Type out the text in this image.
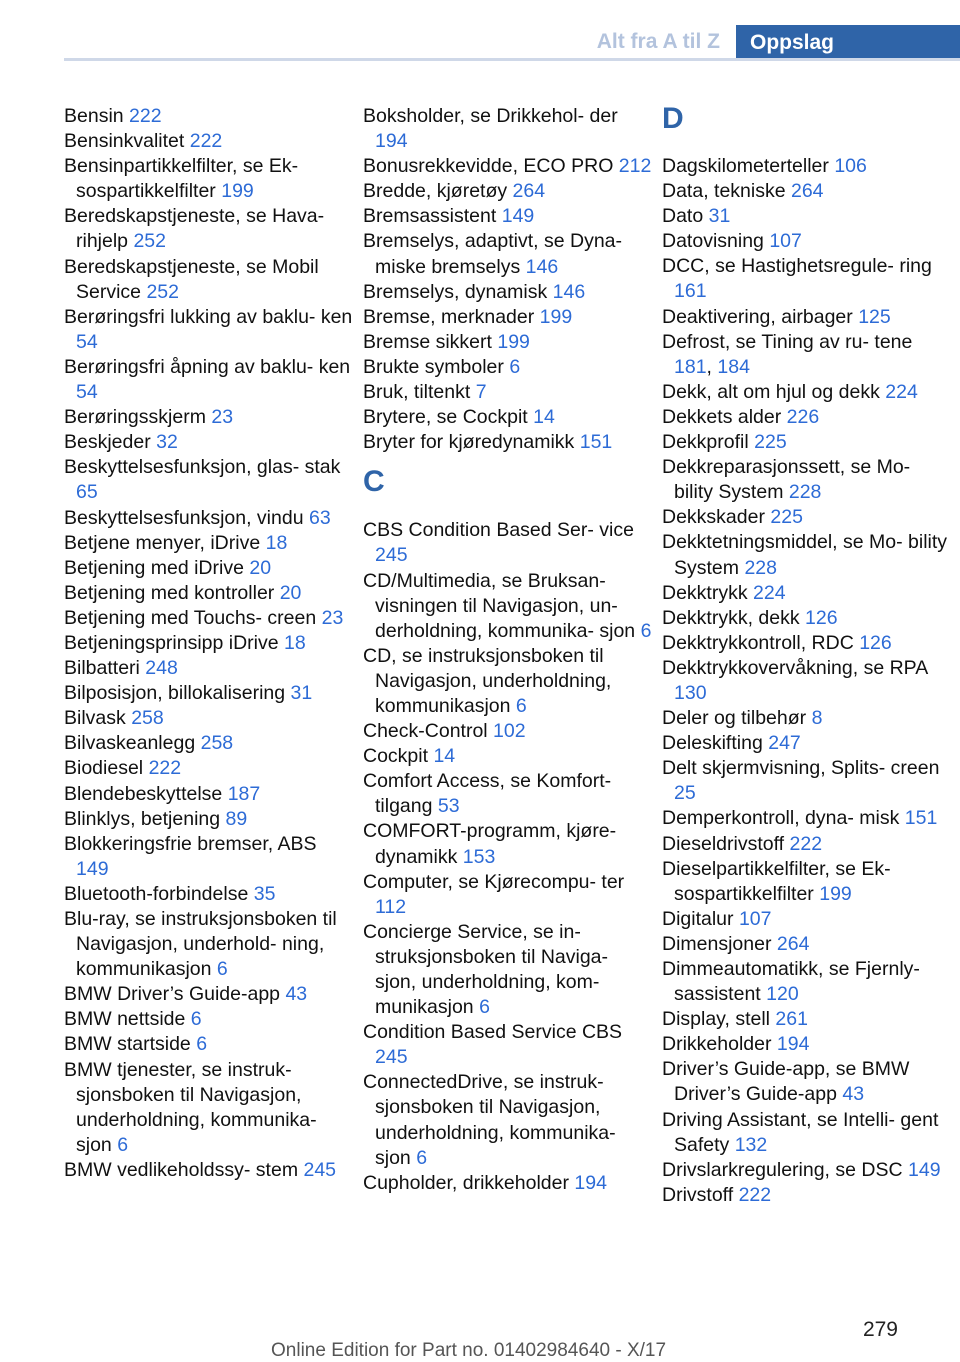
Alt fra A til Z	Oppslag
Bensin 222
Bensinkvalitet 222
Bensinpartikkelfilter, se Ek‐ sospartikkelfilter 199
Beredskapstjeneste, se Hava‐ rihjelp 252
Beredskapstjeneste, se Mobil Service 252
Berøringsfri lukking av baklu‐ ken 54
Berøringsfri åpning av baklu‐ ken 54
Berøringsskjerm 23
Beskjeder 32
Beskyttelsesfunksjon, glas‐ stak 65
Beskyttelsesfunksjon, vindu 63
Betjene menyer, iDrive 18
Betjening med iDrive 20
Betjening med kontroller 20
Betjening med Touchs‐ creen 23
Betjeningsprinsipp iDrive 18
Bilbatteri 248
Bilposisjon, billokalisering 31
Bilvask 258
Bilvaskeanlegg 258
Biodiesel 222
Blendebeskyttelse 187
Blinklys, betjening 89
Blokkeringsfrie bremser, ABS 149
Bluetooth-forbindelse 35
Blu-ray, se instruksjonsboken til Navigasjon, underhold‐ ning, kommunikasjon 6
BMW Driver’s Guide-app 43
BMW nettside 6
BMW startside 6
BMW tjenester, se instruk‐ sjonsboken til Navigasjon, underholdning, kommunika‐ sjon 6
BMW vedlikeholdssy‐ stem 245
Boksholder, se Drikkehol‐ der 194
Bonusrekkevidde, ECO PRO 212
Bredde, kjøretøy 264
Bremsassistent 149
Bremselys, adaptivt, se Dyna‐ miske bremselys 146
Bremselys, dynamisk 146
Bremse, merknader 199
Bremse sikkert 199
Brukte symboler 6
Bruk, tiltenkt 7
Brytere, se Cockpit 14
Bryter for kjøredynamikk 151
C
CBS Condition Based Ser‐ vice 245
CD/Multimedia, se Bruksan‐ visningen til Navigasjon, un‐ derholdning, kommunika‐ sjon 6
CD, se instruksjonsboken til Navigasjon, underholdning, kommunikasjon 6
Check-Control 102
Cockpit 14
Comfort Access, se Komfort‐ tilgang 53
COMFORT-programm, kjøre‐ dynamikk 153
Computer, se Kjørecompu‐ ter 112
Concierge Service, se in‐ struksjonsboken til Naviga‐ sjon, underholdning, kom‐ munikasjon 6
Condition Based Service CBS 245
ConnectedDrive, se instruk‐ sjonsboken til Navigasjon, underholdning, kommunika‐ sjon 6
Cupholder, drikkeholder 194
D
Dagskilometerteller 106
Data, tekniske 264
Dato 31
Datovisning 107
DCC, se Hastighetsregule‐ ring 161
Deaktivering, airbager 125
Defrost, se Tining av ru‐ tene 181, 184
Dekk, alt om hjul og dekk 224
Dekkets alder 226
Dekkprofil 225
Dekkreparasjonssett, se Mo‐ bility System 228
Dekkskader 225
Dekktetningsmiddel, se Mo‐ bility System 228
Dekktrykk 224
Dekktrykk, dekk 126
Dekktrykkontroll, RDC 126
Dekktrykkovervåkning, se RPA 130
Deler og tilbehør 8
Deleskifting 247
Delt skjermvisning, Splits‐ creen 25
Demperkontroll, dyna‐ misk 151
Dieseldrivstoff 222
Dieselpartikkelfilter, se Ek‐ sospartikkelfilter 199
Digitalur 107
Dimensjoner 264
Dimmeautomatikk, se Fjernly‐ sassistent 120
Display, stell 261
Drikkeholder 194
Driver’s Guide-app, se BMW Driver’s Guide-app 43
Driving Assistant, se Intelli‐ gent Safety 132
Drivslarkregulering, se DSC 149
Drivstoff 222
279
Online Edition for Part no. 01402984640 - X/17
